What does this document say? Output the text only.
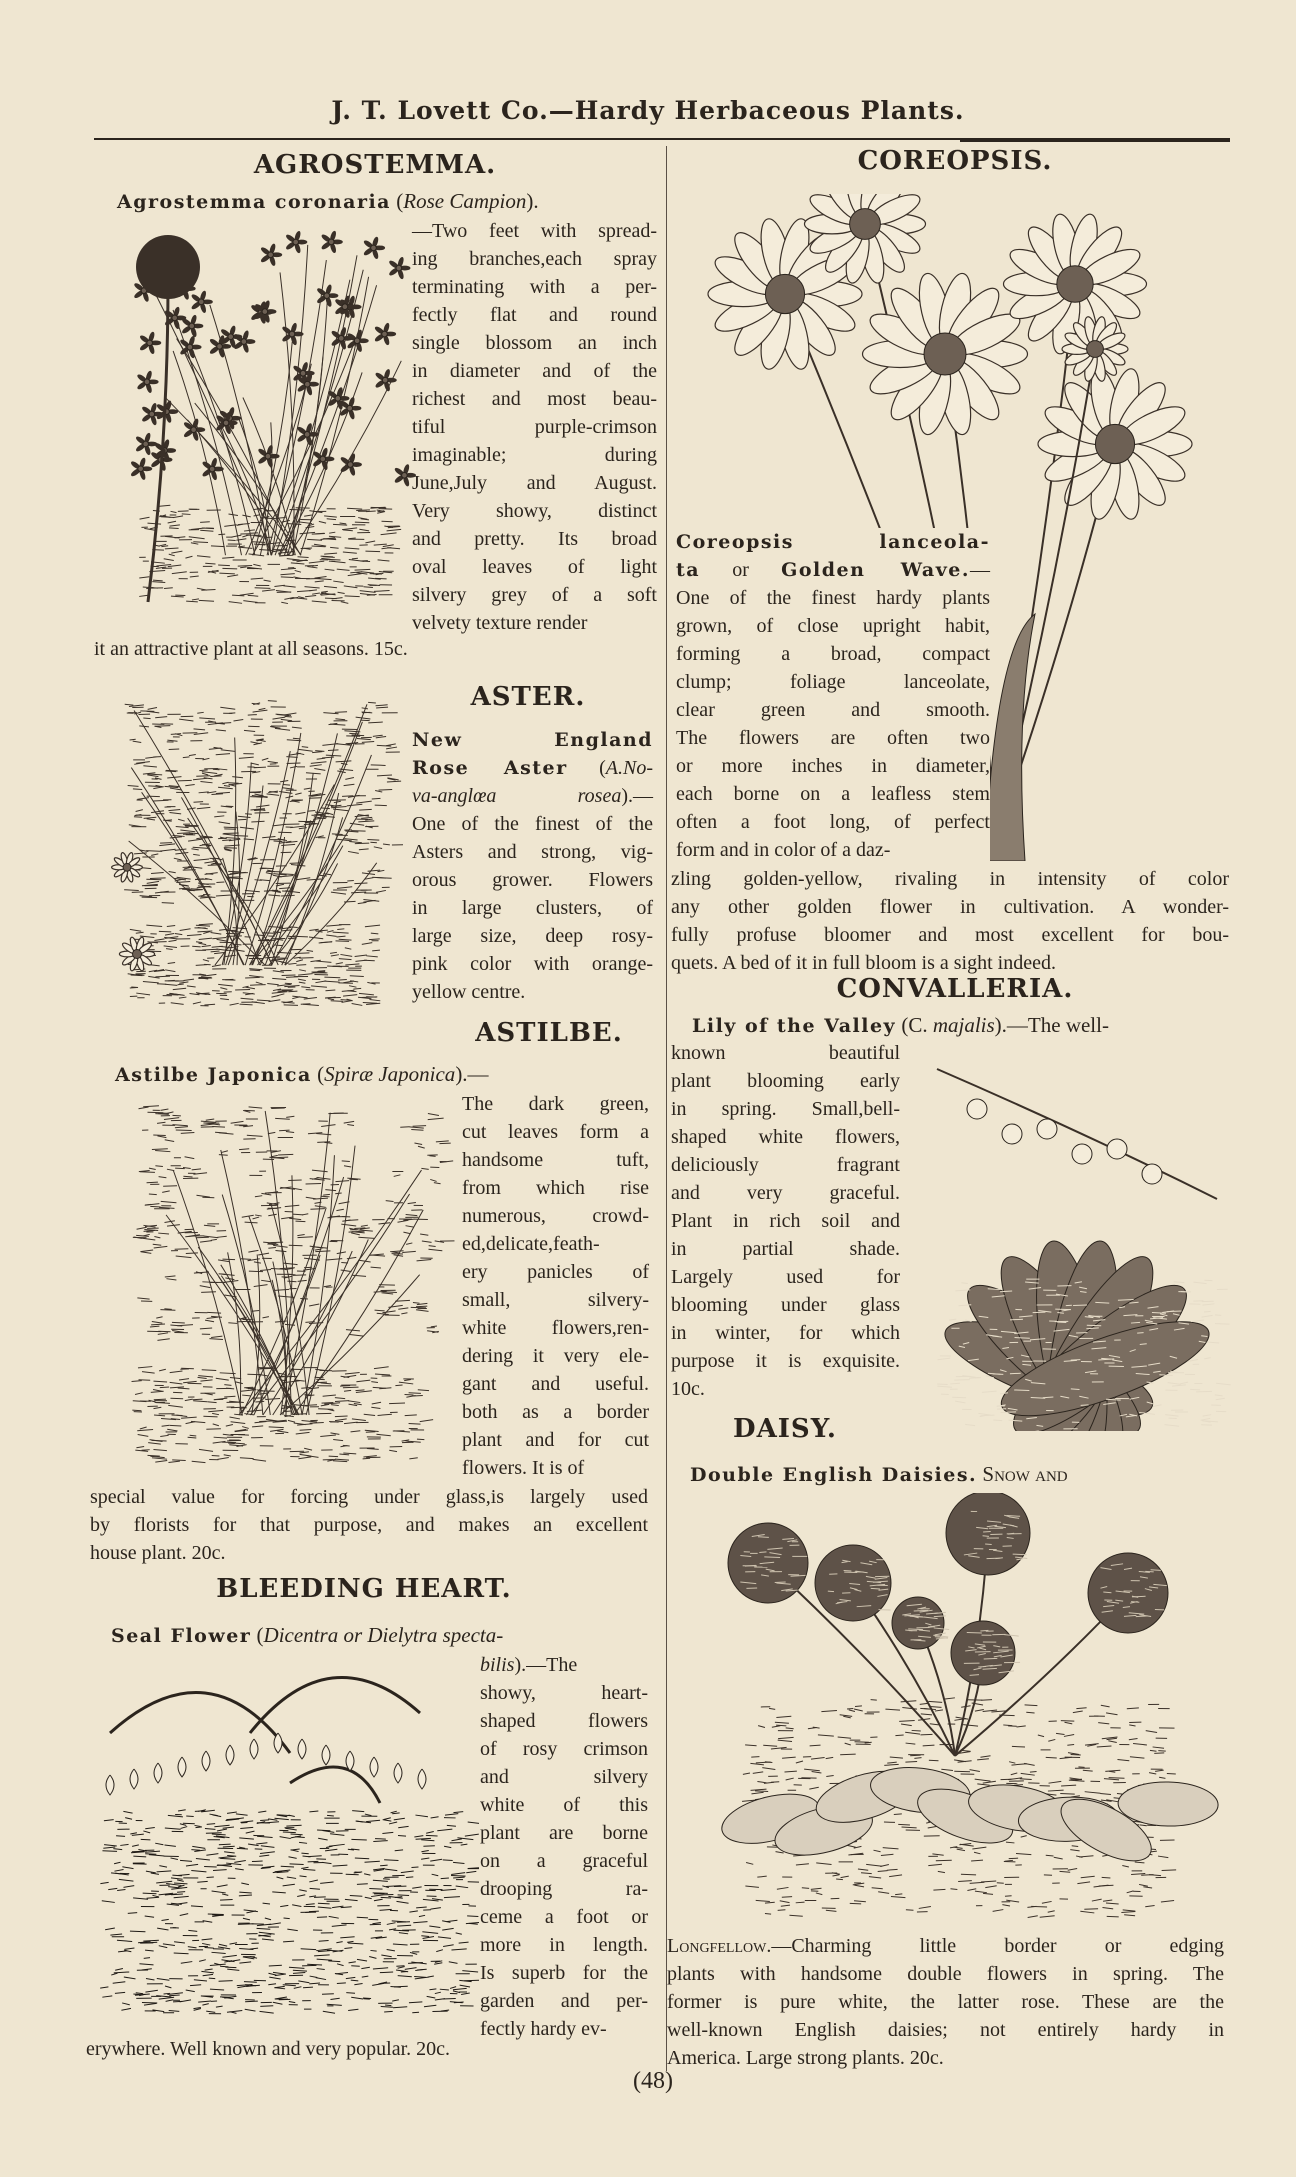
J. T. Lovett Co.—Hardy Herbaceous Plants.
AGROSTEMMA.
Agrostemma coronaria (Rose Campion).
—Two feet with spread-
ing branches,each spray
terminating with a per-
fectly flat and round
single blossom an inch
in diameter and of the
richest and most beau-
tiful purple-crimson
imaginable; during
June,July and August.
Very showy, distinct
and pretty. Its broad
oval leaves of light
silvery grey of a soft
velvety texture render
it an attractive plant at all seasons. 15c.
ASTER.
New England
Rose Aster (A.No-
va-anglœa rosea).—
One of the finest of the
Asters and strong, vig-
orous grower. Flowers
in large clusters, of
large size, deep rosy-
pink color with orange-
yellow centre.
ASTILBE.
Astilbe Japonica (Spiræ Japonica).—
The dark green,
cut leaves form a
handsome tuft,
from which rise
numerous, crowd-
ed,delicate,feath-
ery panicles of
small, silvery-
white flowers,ren-
dering it very ele-
gant and useful.
both as a border
plant and for cut
flowers. It is of
special value for forcing under glass,is largely used
by florists for that purpose, and makes an excellent
house plant. 20c.
BLEEDING HEART.
Seal Flower (Dicentra or Dielytra specta-
bilis).—The
showy, heart-
shaped flowers
of rosy crimson
and silvery
white of this
plant are borne
on a graceful
drooping ra-
ceme a foot or
more in length.
Is superb for the
garden and per-
fectly hardy ev-
erywhere. Well known and very popular. 20c.
COREOPSIS.
Coreopsis lanceola-
ta or Golden Wave.—
One of the finest hardy plants
grown, of close upright habit,
forming a broad, compact
clump; foliage lanceolate,
clear green and smooth.
The flowers are often two
or more inches in diameter,
each borne on a leafless stem
often a foot long, of perfect
form and in color of a daz-
zling golden-yellow, rivaling in intensity of color
any other golden flower in cultivation. A wonder-
fully profuse bloomer and most excellent for bou-
quets. A bed of it in full bloom is a sight indeed.
CONVALLERIA.
Lily of the Valley (C. majalis).—The well-
known beautiful
plant blooming early
in spring. Small,bell-
shaped white flowers,
deliciously fragrant
and very graceful.
Plant in rich soil and
in partial shade.
Largely used for
blooming under glass
in winter, for which
purpose it is exquisite.
10c.
DAISY.
Double English Daisies. Snow and
Longfellow.—Charming little border or edging
plants with handsome double flowers in spring. The
former is pure white, the latter rose. These are the
well-known English daisies; not entirely hardy in
America. Large strong plants. 20c.
(48)
